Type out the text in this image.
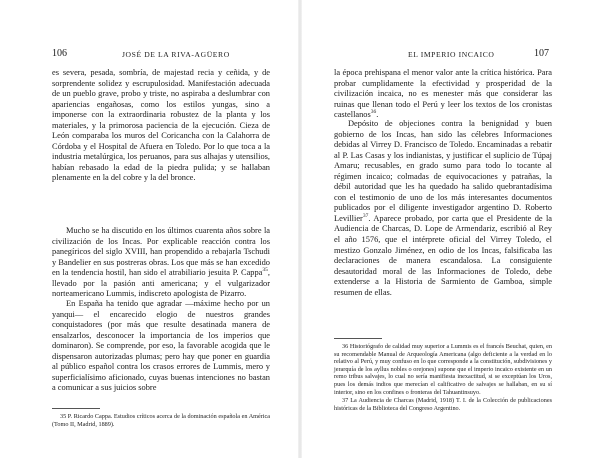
106	JOSÉ DE LA RIVA-AGÜERO

es severa, pesada, sombría, de majestad recia y ceñida, y de sorprendente solidez y escrupulosidad. Manifestación adecuada de un pueblo grave, probo y triste, no aspiraba a deslumbrar con apariencias engañosas, como los estilos yungas, sino a imponerse con la extraordinaria robustez de la planta y los materiales, y la primorosa paciencia de la ejecución. Cieza de León comparaba los muros del Coricancha con la Calahorra de Córdoba y el Hospital de Afuera en Toledo. Por lo que toca a la industria metalúrgica, los peruanos, para sus alhajas y utensilios, habían rebasado la edad de la piedra pulida; y se hallaban plenamente en la del cobre y la del bronce.

Mucho se ha discutido en los últimos cuarenta años sobre la civilización de los Incas. Por explicable reacción contra los panegíricos del siglo XVIII, han propendido a rebajarla Tschudi y Bandelier en sus postreras obras. Los que más se han excedido en la tendencia hostil, han sido el atrabiliario jesuita P. Cappa$^{35}$, llevado por la pasión anti americana; y el vulgarizador norteamericano Lummis, indiscreto apologista de Pizarro.

En España ha tenido que agradar —máxime hecho por un yanqui— el encarecido elogio de nuestros grandes conquistadores (por más que resulte desatinada manera de ensalzarlos, desconocer la importancia de los imperios que dominaron). Se comprende, por eso, la favorable acogida que le dispensaron autorizadas plumas; pero hay que poner en guardia al público español contra los crasos errores de Lummis, mero y superficialísimo aficionado, cuyas buenas intenciones no bastan a comunicar a sus juicios sobre

35 P. Ricardo Cappa. Estudios críticos acerca de la dominación española en América (Tomo II, Madrid, 1889).

EL IMPERIO INCAICO	107

la época prehispana el menor valor ante la crítica histórica. Para probar cumplidamente la efectividad y prosperidad de la civilización incaica, no es menester más que considerar las ruinas que llenan todo el Perú y leer los textos de los cronistas castellanos$^{36}$.

Depósito de objeciones contra la benignidad y buen gobierno de los Incas, han sido las célebres Informaciones debidas al Virrey D. Francisco de Toledo. Encaminadas a rebatir al P. Las Casas y los indianistas, y justificar el suplicio de Túpaj Amaru; recusables, en grado sumo para todo lo tocante al régimen incaico; colmadas de equivocaciones y patrañas, la débil autoridad que les ha quedado ha salido quebrantadísima con el testimonio de uno de los más interesantes documentos publicados por el diligente investigador argentino D. Roberto Levillier$^{37}$. Aparece probado, por carta que el Presidente de la Audiencia de Charcas, D. Lope de Armendariz, escribió al Rey el año 1576, que el intérprete oficial del Virrey Toledo, el mestizo Gonzalo Jiménez, en odio de los Incas, falsificaba las declaraciones de manera escandalosa. La consiguiente desautoridad moral de las Informaciones de Toledo, debe extenderse a la Historia de Sarmiento de Gamboa, simple resumen de ellas.

36 Historiógrafo de calidad muy superior a Lummis es el francés Beuchat, quien, en su recomendable Manual de Arqueología Americana (algo deficiente a la verdad en lo relativo al Perú, y muy confuso en lo que corresponde a la constitución, subdivisiones y jerarquía de los ayllus nobles o orejones) supone que el imperio incaico existente en un remo tribus salvajes, lo cual no sería manifiesta inexactitud, si se exceptúan los Uros, pues los demás indios que merecían el calificativo de salvajes se hallaban, en su sí interior, sino en los confines o fronteras del Tahuantinsuyo.

37 La Audiencia de Charcas (Madrid, 1918) T. I. de la Colección de publicaciones históricas de la Biblioteca del Congreso Argentino.
